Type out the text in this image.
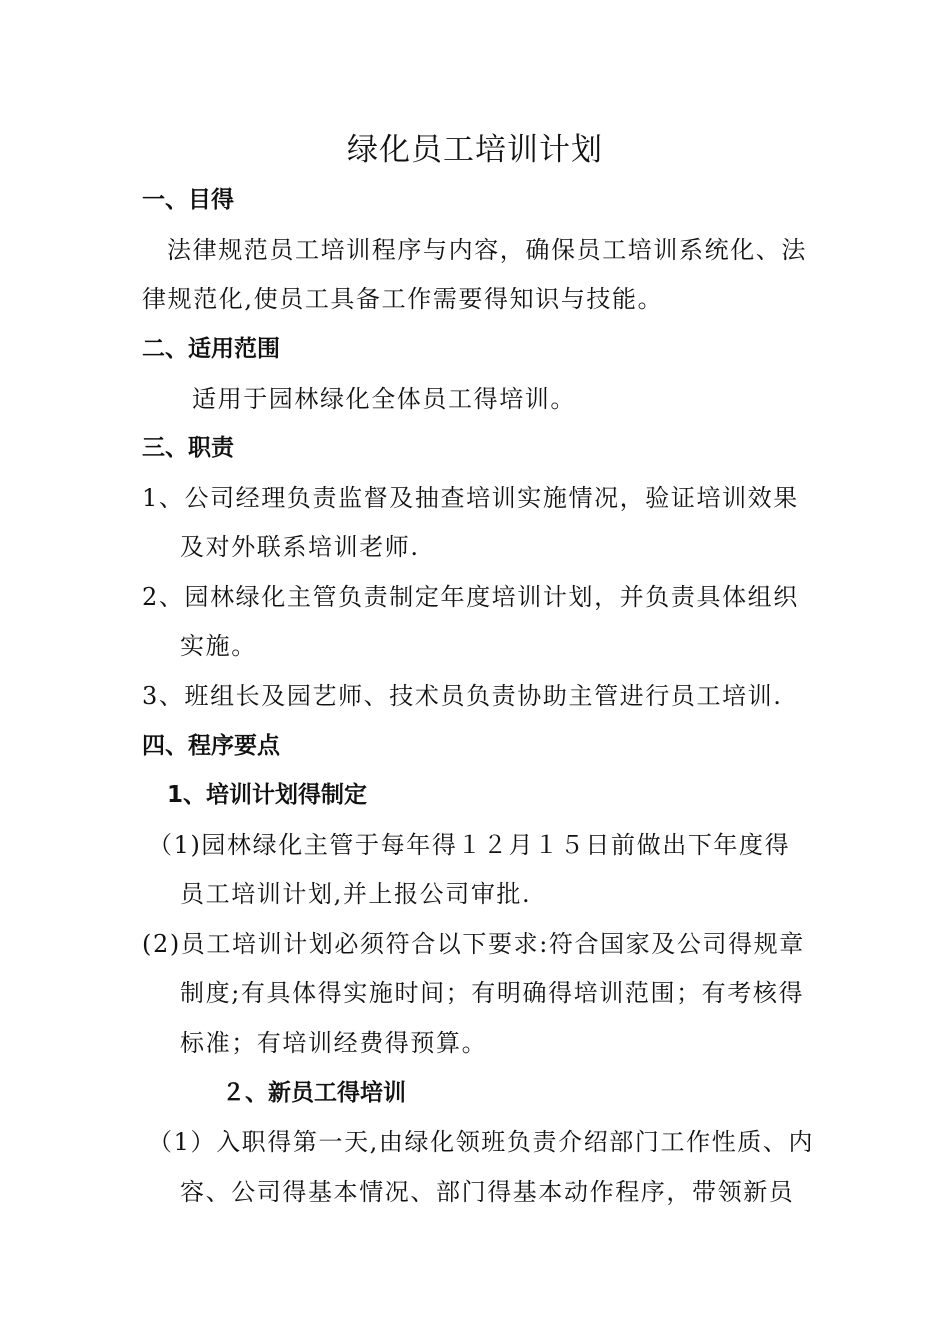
绿化员工培训计划
一、目得
法律规范员工培训程序与内容，确保员工培训系统化、法
律规范化,使员工具备工作需要得知识与技能。
二、适用范围
适用于园林绿化全体员工得培训。
三、职责
1、公司经理负责监督及抽查培训实施情况，验证培训效果
及对外联系培训老师.
2、园林绿化主管负责制定年度培训计划，并负责具体组织
实施。
3、班组长及园艺师、技术员负责协助主管进行员工培训.
四、程序要点
1、培训计划得制定
（1)园林绿化主管于每年得１２月１５日前做出下年度得
员工培训计划,并上报公司审批.
(2)员工培训计划必须符合以下要求:符合国家及公司得规章
制度;有具体得实施时间；有明确得培训范围；有考核得
标准；有培训经费得预算。
２、新员工得培训
（1）入职得第一天,由绿化领班负责介绍部门工作性质、内
容、公司得基本情况、部门得基本动作程序，带领新员
